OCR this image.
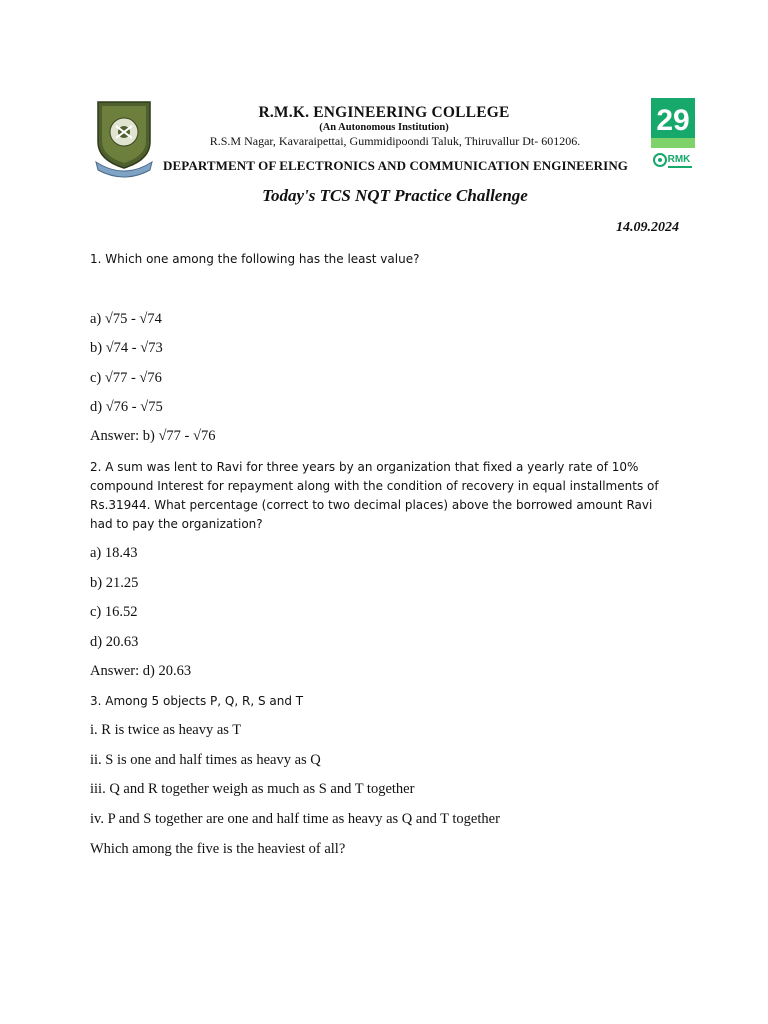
R.M.K. ENGINEERING COLLEGE
(An Autonomous Institution)
R.S.M Nagar, Kavaraipettai, Gummidipoondi Taluk, Thiruvallur Dt- 601206.
DEPARTMENT OF ELECTRONICS AND COMMUNICATION ENGINEERING
29
RMK
Today's TCS NQT Practice Challenge
14.09.2024
1. Which one among the following has the least value?
a) √75 - √74
b) √74 - √73
c) √77 - √76
d) √76 - √75
Answer: b) √77 - √76
2. A sum was lent to Ravi for three years by an organization that fixed a yearly rate of 10% compound Interest for repayment along with the condition of recovery in equal installments of Rs.31944. What percentage (correct to two decimal places) above the borrowed amount Ravi had to pay the organization?
a) 18.43
b) 21.25
c) 16.52
d) 20.63
Answer: d) 20.63
3. Among 5 objects P, Q, R, S and T
i. R is twice as heavy as T
ii. S is one and half times as heavy as Q
iii. Q and R together weigh as much as S and T together
iv. P and S together are one and half time as heavy as Q and T together
Which among the five is the heaviest of all?
